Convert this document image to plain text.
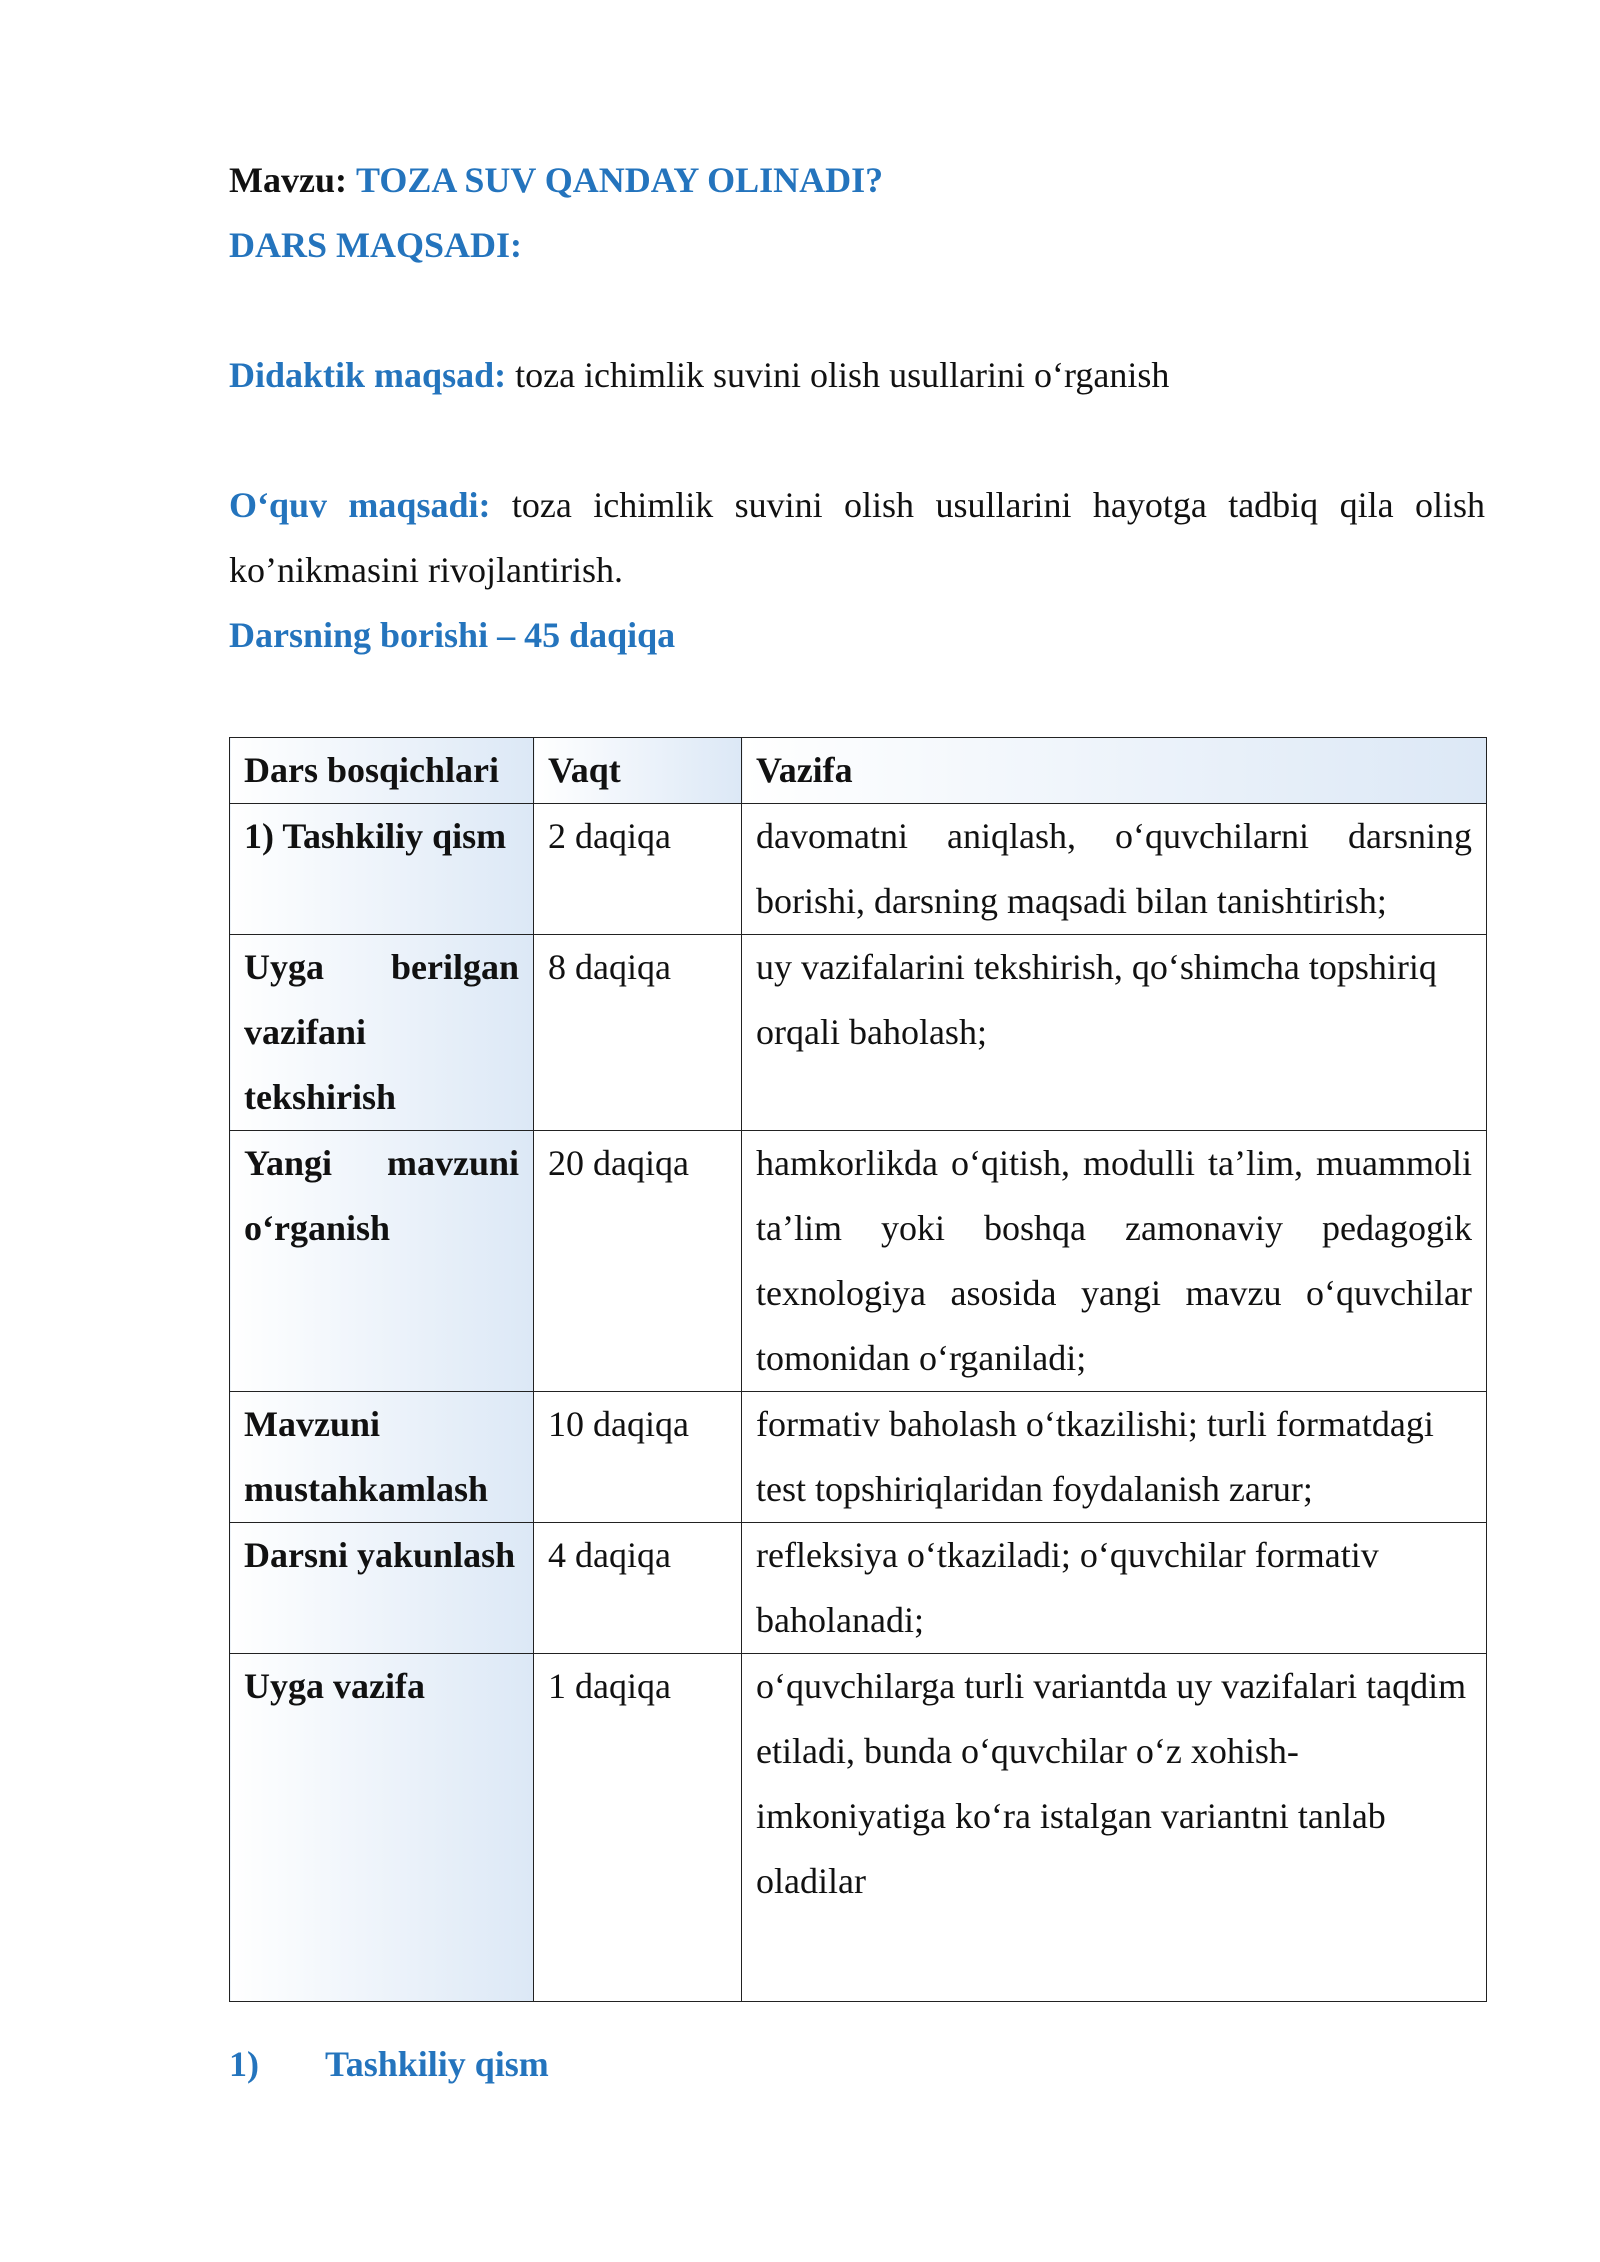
Mavzu: TOZA SUV QANDAY OLINADI?

DARS MAQSADI:

Didaktik maqsad: toza ichimlik suvini olish usullarini o‘rganish

O‘quv maqsadi: toza ichimlik suvini olish usullarini hayotga tadbiq qila olish

ko’nikmasini rivojlantirish.

Darsning borishi – 45 daqiqa

Dars bosqichlari	Vaqt	Vazifa
1) Tashkiliy qism	2 daqiqa	davomatni aniqlash, o‘quvchilarni darsning borishi, darsning maqsadi bilan tanishtirish;
Uyga berilgan vazifani tekshirish	8 daqiqa	uy vazifalarini tekshirish, qo‘shimcha topshiriq orqali baholash;
Yangi mavzuni o‘rganish	20 daqiqa	hamkorlikda o‘qitish, modulli ta’lim, muammoli ta’lim yoki boshqa zamonaviy pedagogik texnologiya asosida yangi mavzu o‘quvchilar tomonidan o‘rganiladi;
Mavzuni mustahkamlash	10 daqiqa	formativ baholash o‘tkazilishi; turli formatdagi test topshiriqlaridan foydalanish zarur;
Darsni yakunlash	4 daqiqa	refleksiya o‘tkaziladi; o‘quvchilar formativ baholanadi;
Uyga vazifa	1 daqiqa	o‘quvchilarga turli variantda uy vazifalari taqdim etiladi, bunda o‘quvchilar o‘z xohish-imkoniyatiga ko‘ra istalgan variantni tanlab oladilar
1) Tashkiliy qism
